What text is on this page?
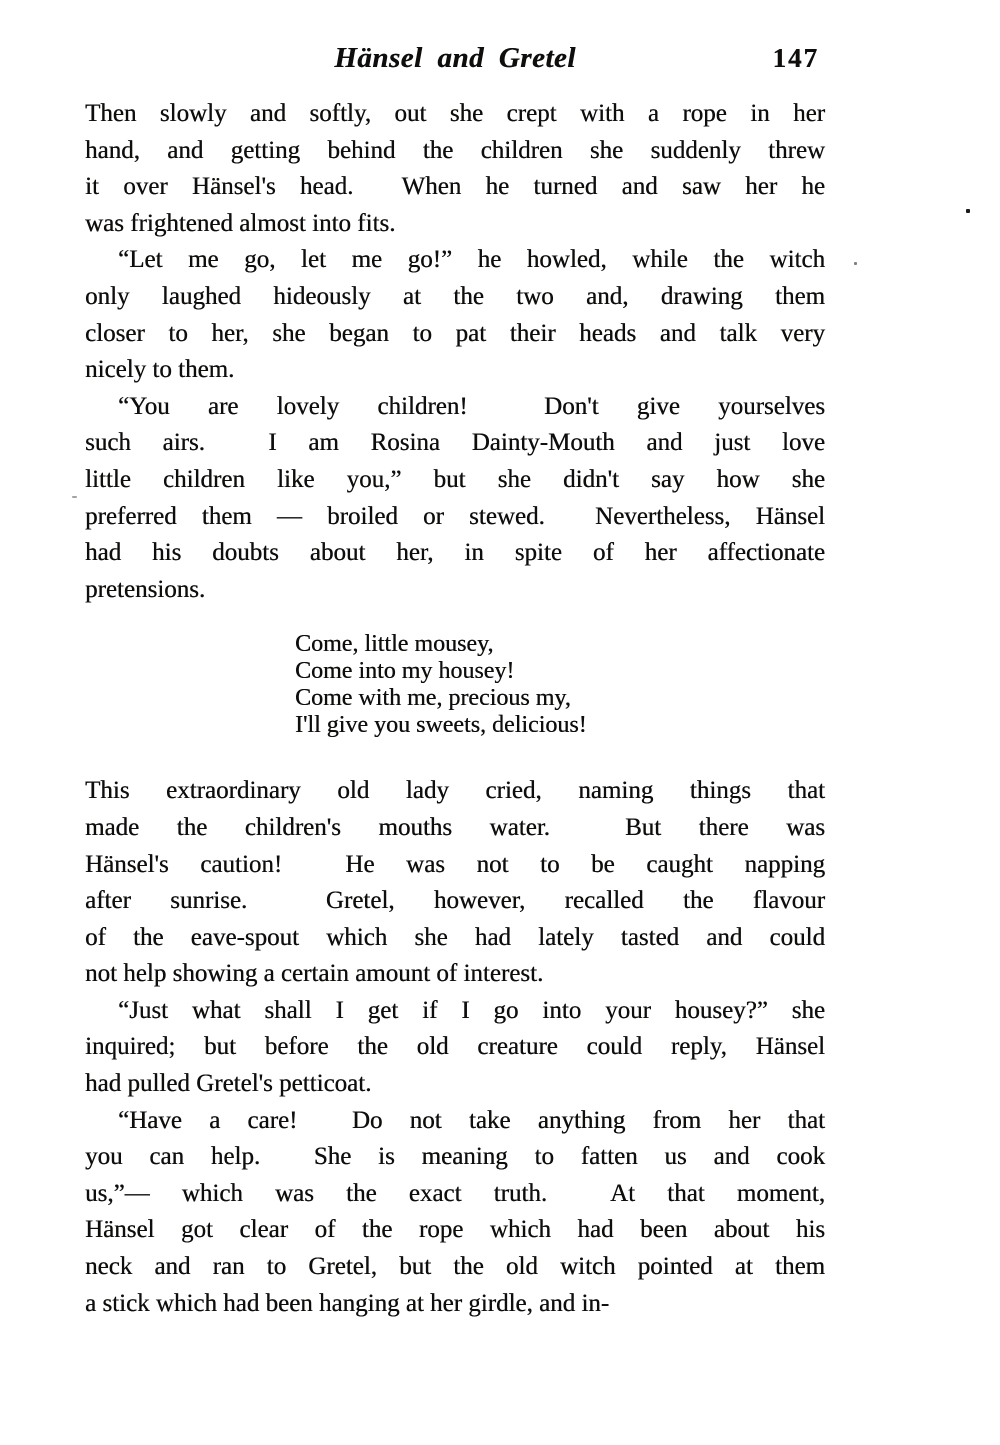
Hänsel and Gretel	147
Then slowly and softly, out she crept with a rope in her
hand, and getting behind the children she suddenly threw
it over Hänsel's head.  When he turned and saw her he
was frightened almost into fits.
“Let me go, let me go!” he howled, while the witch
only laughed hideously at the two and, drawing them
closer to her, she began to pat their heads and talk very
nicely to them.
“You are lovely children!  Don't give yourselves
such airs.  I am Rosina Dainty-Mouth and just love
little children like you,” but she didn't say how she
preferred them — broiled or stewed.  Nevertheless, Hänsel
had his doubts about her, in spite of her affectionate
pretensions.
Come, little mousey,
Come into my housey!
Come with me, precious my,
I'll give you sweets, delicious!
This extraordinary old lady cried, naming things that
made the children's mouths water.  But there was
Hänsel's caution!  He was not to be caught napping
after sunrise.  Gretel, however, recalled the flavour
of the eave-spout which she had lately tasted and could
not help showing a certain amount of interest.
“Just what shall I get if I go into your housey?” she
inquired; but before the old creature could reply, Hänsel
had pulled Gretel's petticoat.
“Have a care!  Do not take anything from her that
you can help.  She is meaning to fatten us and cook
us,”— which was the exact truth.  At that moment,
Hänsel got clear of the rope which had been about his
neck and ran to Gretel, but the old witch pointed at them
a stick which had been hanging at her girdle, and in-
